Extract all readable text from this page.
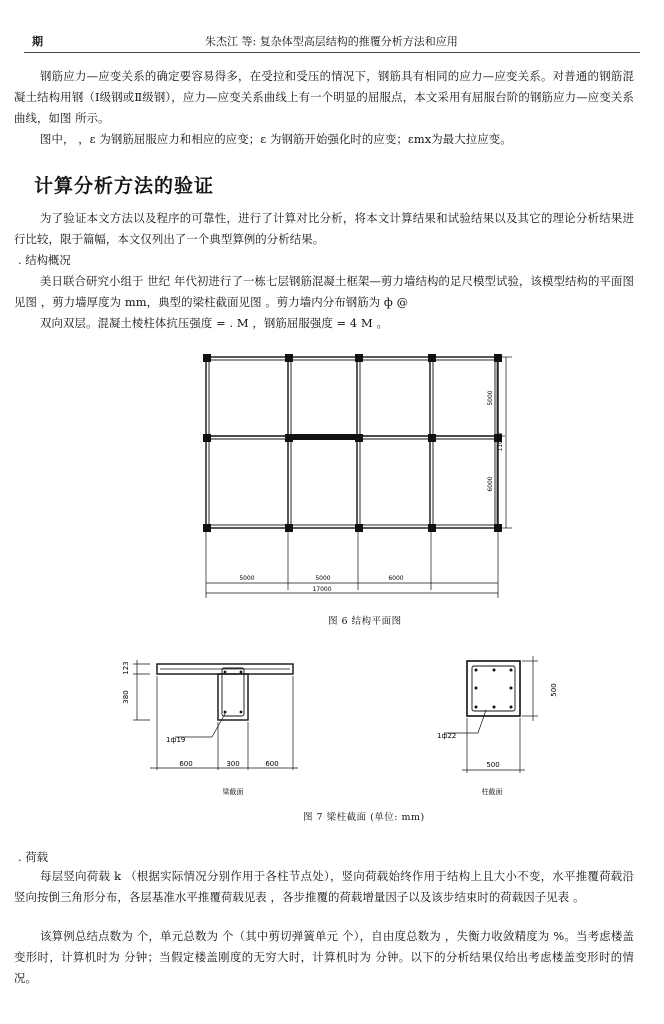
期	朱杰江 等: 复杂体型高层结构的推覆分析方法和应用
钢筋应力—应变关系的确定要容易得多，在受拉和受压的情况下，钢筋具有相同的应力—应变关系。对普通的钢筋混凝土结构用钢（Ⅰ级钢或Ⅱ级钢），应力—应变关系曲线上有一个明显的屈服点，本文采用有屈服台阶的钢筋应力—应变关系曲线，如图 所示。
图中， ，ε 为钢筋屈服应力和相应的应变；ε 为钢筋开始强化时的应变；εmx为最大拉应变。
计算分析方法的验证
为了验证本文方法以及程序的可靠性，进行了计算对比分析，将本文计算结果和试验结果以及其它的理论分析结果进行比较，限于篇幅，本文仅列出了一个典型算例的分析结果。
. 结构概况
美日联合研究小组于 世纪 年代初进行了一栋七层钢筋混凝土框架—剪力墙结构的足尺模型试验，该模型结构的平面图见图 ，剪力墙厚度为 mm，典型的梁柱截面见图 。剪力墙内分布钢筋为 ф @
双向双层。混凝土棱柱体抗压强度 = . M ，钢筋屈服强度 = 4 M 。
5000	5000	6000
17000
5000
6000
11000
图 6 结构平面图
123
380
1ф19
600	300	600
梁截面
500
1ф22
500
柱截面
图 7 梁柱截面 (单位: mm)
. 荷载
每层竖向荷载 k （根据实际情况分别作用于各柱节点处），竖向荷载始终作用于结构上且大小不变，水平推覆荷载沿竖向按倒三角形分布，各层基准水平推覆荷载见表 ，各步推覆的荷载增量因子以及该步结束时的荷载因子见表 。
该算例总结点数为 个，单元总数为 个（其中剪切弹簧单元 个），自由度总数为 ，失衡力收敛精度为 %。当考虑楼盖变形时，计算机时为 分钟；当假定楼盖刚度的无穷大时，计算机时为 分钟。以下的分析结果仅给出考虑楼盖变形时的情况。
